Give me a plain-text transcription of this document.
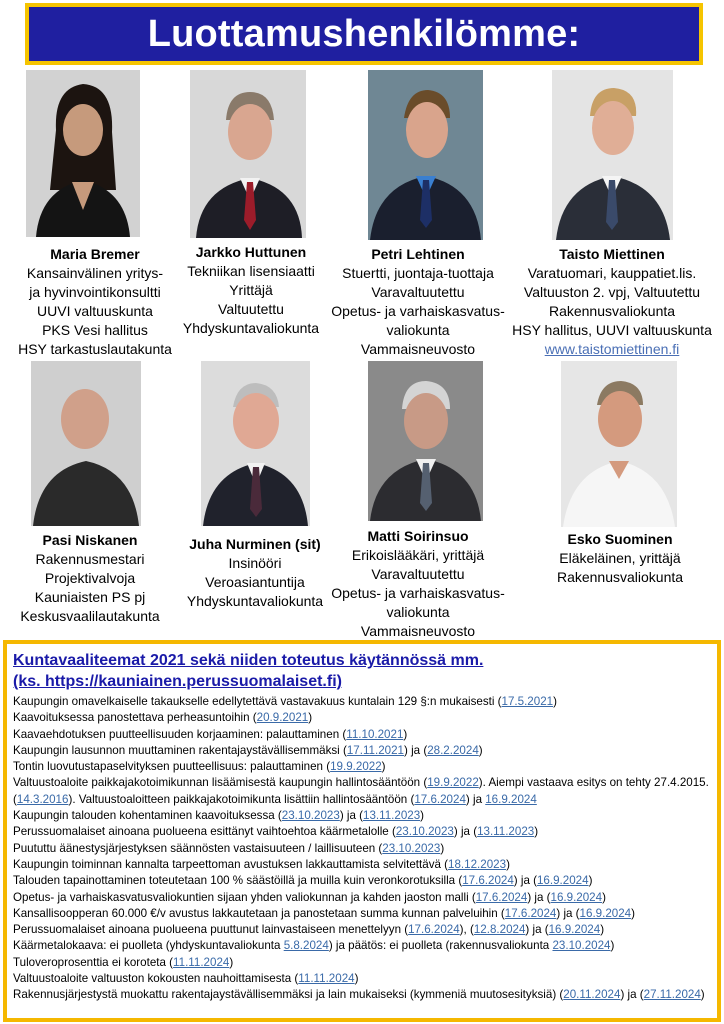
Luottamushenkilömme:
Maria Bremer
Kansainvälinen yritys-
ja hyvinvointikonsultti
UUVI valtuuskunta
PKS Vesi hallitus
HSY tarkastuslautakunta
Jarkko Huttunen
Tekniikan lisensiaatti
Yrittäjä
Valtuutettu
Yhdyskuntavaliokunta
Petri Lehtinen
Stuertti, juontaja-tuottaja
Varavaltuutettu
Opetus- ja varhaiskasvatus-
valiokunta
Vammaisneuvosto
Taisto Miettinen
Varatuomari, kauppatiet.lis.
Valtuuston 2. vpj, Valtuutettu
Rakennusvaliokunta
HSY hallitus, UUVI valtuuskunta
www.taistomiettinen.fi
Pasi Niskanen
Rakennusmestari
Projektivalvoja
Kauniaisten PS pj
Keskusvaalilautakunta
Juha Nurminen (sit)
Insinööri
Veroasiantuntija
Yhdyskuntavaliokunta
Matti Soirinsuo
Erikoislääkäri, yrittäjä
Varavaltuutettu
Opetus- ja varhaiskasvatus-
valiokunta
Vammaisneuvosto
Esko Suominen
Eläkeläinen, yrittäjä
Rakennusvaliokunta
Kuntavaaliteemat 2021 sekä niiden toteutus käytännössä mm.
(ks. https://kauniainen.perussuomalaiset.fi)
Kaupungin omavelkaiselle takaukselle edellytettävä vastavakuus kuntalain 129 §:n mukaisesti (17.5.2021)
Kaavoituksessa panostettava perheasuntoihin (20.9.2021)
Kaavaehdotuksen puutteellisuuden korjaaminen: palauttaminen (11.10.2021)
Kaupungin lausunnon muuttaminen rakentajaystävällisemmäksi (17.11.2021) ja (28.2.2024)
Tontin luovutustapaselvityksen puutteellisuus: palauttaminen (19.9.2022)
Valtuustoaloite paikkajakotoimikunnan lisäämisestä kaupungin hallintosääntöön (19.9.2022). Aiempi vastaava esitys on tehty 27.4.2015. (14.3.2016). Valtuustoaloitteen paikkajakotoimikunta lisättiin hallintosääntöön (17.6.2024) ja 16.9.2024
Kaupungin talouden kohentaminen kaavoituksessa (23.10.2023) ja (13.11.2023)
Perussuomalaiset ainoana puolueena esittänyt vaihtoehtoa käärmetalolle (23.10.2023) ja (13.11.2023)
Puututtu äänestysjärjestyksen säännösten vastaisuuteen / laillisuuteen (23.10.2023)
Kaupungin toiminnan kannalta tarpeettoman avustuksen lakkauttamista selvitettävä (18.12.2023)
Talouden tapainottaminen toteutetaan 100 % säästöillä ja muilla kuin veronkorotuksilla (17.6.2024) ja (16.9.2024)
Opetus- ja varhaiskasvatusvaliokuntien sijaan yhden valiokunnan ja kahden jaoston malli (17.6.2024) ja (16.9.2024)
Kansallisoopperan 60.000 €/v avustus lakkautetaan ja panostetaan summa kunnan palveluihin (17.6.2024) ja (16.9.2024)
Perussuomalaiset ainoana puolueena puuttunut lainvastaiseen menettelyyn (17.6.2024), (12.8.2024) ja (16.9.2024)
Käärmetalokaava: ei puolleta (yhdyskuntavaliokunta 5.8.2024) ja päätös: ei puolleta (rakennusvaliokunta 23.10.2024)
Tuloveroprosenttia ei koroteta (11.11.2024)
Valtuustoaloite valtuuston kokousten nauhoittamisesta (11.11.2024)
Rakennusjärjestystä muokattu rakentajaystävällisemmäksi ja lain mukaiseksi (kymmeniä muutosesityksiä) (20.11.2024) ja (27.11.2024)
